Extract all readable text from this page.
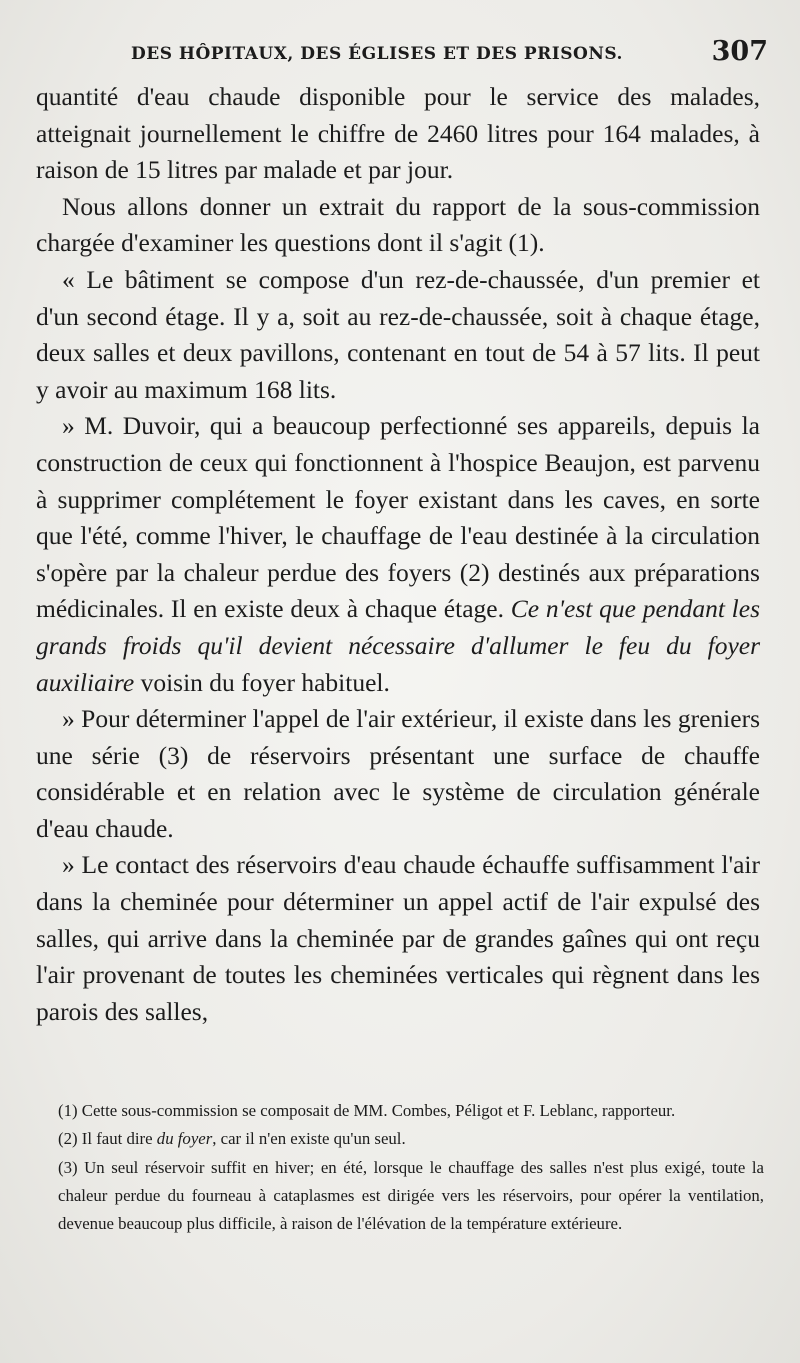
DES HÔPITAUX, DES ÉGLISES ET DES PRISONS.	307

quantité d'eau chaude disponible pour le service des malades, atteignait journellement le chiffre de 2460 litres pour 164 malades, à raison de 15 litres par malade et par jour.

Nous allons donner un extrait du rapport de la sous-commission chargée d'examiner les questions dont il s'agit (1).

« Le bâtiment se compose d'un rez-de-chaussée, d'un premier et d'un second étage. Il y a, soit au rez-de-chaussée, soit à chaque étage, deux salles et deux pavillons, contenant en tout de 54 à 57 lits. Il peut y avoir au maximum 168 lits.

» M. Duvoir, qui a beaucoup perfectionné ses appareils, depuis la construction de ceux qui fonctionnent à l'hospice Beaujon, est parvenu à supprimer complétement le foyer existant dans les caves, en sorte que l'été, comme l'hiver, le chauffage de l'eau destinée à la circulation s'opère par la chaleur perdue des foyers (2) destinés aux préparations médicinales. Il en existe deux à chaque étage. Ce n'est que pendant les grands froids qu'il devient nécessaire d'allumer le feu du foyer auxiliaire voisin du foyer habituel.

» Pour déterminer l'appel de l'air extérieur, il existe dans les greniers une série (3) de réservoirs présentant une surface de chauffe considérable et en relation avec le système de circulation générale d'eau chaude.

» Le contact des réservoirs d'eau chaude échauffe suffisamment l'air dans la cheminée pour déterminer un appel actif de l'air expulsé des salles, qui arrive dans la cheminée par de grandes gaînes qui ont reçu l'air provenant de toutes les cheminées verticales qui règnent dans les parois des salles,

(1) Cette sous-commission se composait de MM. Combes, Péligot et F. Leblanc, rapporteur.

(2) Il faut dire du foyer, car il n'en existe qu'un seul.

(3) Un seul réservoir suffit en hiver; en été, lorsque le chauffage des salles n'est plus exigé, toute la chaleur perdue du fourneau à cataplasmes est dirigée vers les réservoirs, pour opérer la ventilation, devenue beaucoup plus difficile, à raison de l'élévation de la température extérieure.
